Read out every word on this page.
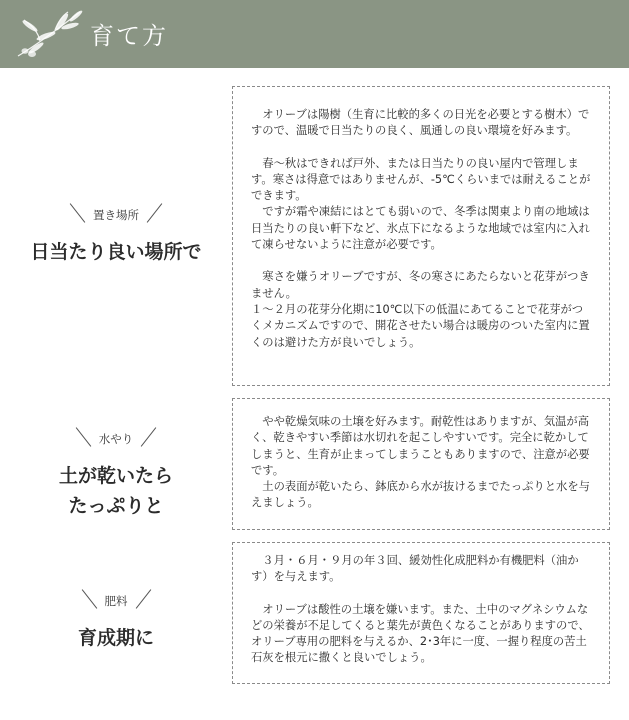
育て方
置き場所
日当たり良い場所で

　オリーブは陽樹（生育に比較的多くの日光を必要とする樹木）ですので、温暖で日当たりの良く、風通しの良い環境を好みます。

　春～秋はできれば戸外、または日当たりの良い屋内で管理します。寒さは得意ではありませんが、-5℃くらいまでは耐えることができます。
　ですが霜や凍結にはとても弱いので、冬季は関東より南の地域は日当たりの良い軒下など、氷点下になるような地域では室内に入れて凍らせないように注意が必要です。

　寒さを嫌うオリーブですが、冬の寒さにあたらないと花芽がつきません。
１～２月の花芽分化期に10℃以下の低温にあてることで花芽がつくメカニズムですので、開花させたい場合は暖房のついた室内に置くのは避けた方が良いでしょう。

水やり
土が乾いたら
たっぷりと

　やや乾燥気味の土壌を好みます。耐乾性はありますが、気温が高く、乾きやすい季節は水切れを起こしやすいです。完全に乾かしてしまうと、生育が止まってしまうこともありますので、注意が必要です。
　土の表面が乾いたら、鉢底から水が抜けるまでたっぷりと水を与えましょう。

肥料
育成期に

　３月・６月・９月の年３回、緩効性化成肥料か有機肥料（油かす）を与えます。

　オリーブは酸性の土壌を嫌います。また、土中のマグネシウムなどの栄養が不足してくると葉先が黄色くなることがありますので、オリーブ専用の肥料を与えるか、2･3年に一度、一握り程度の苦土石灰を根元に撒くと良いでしょう。
